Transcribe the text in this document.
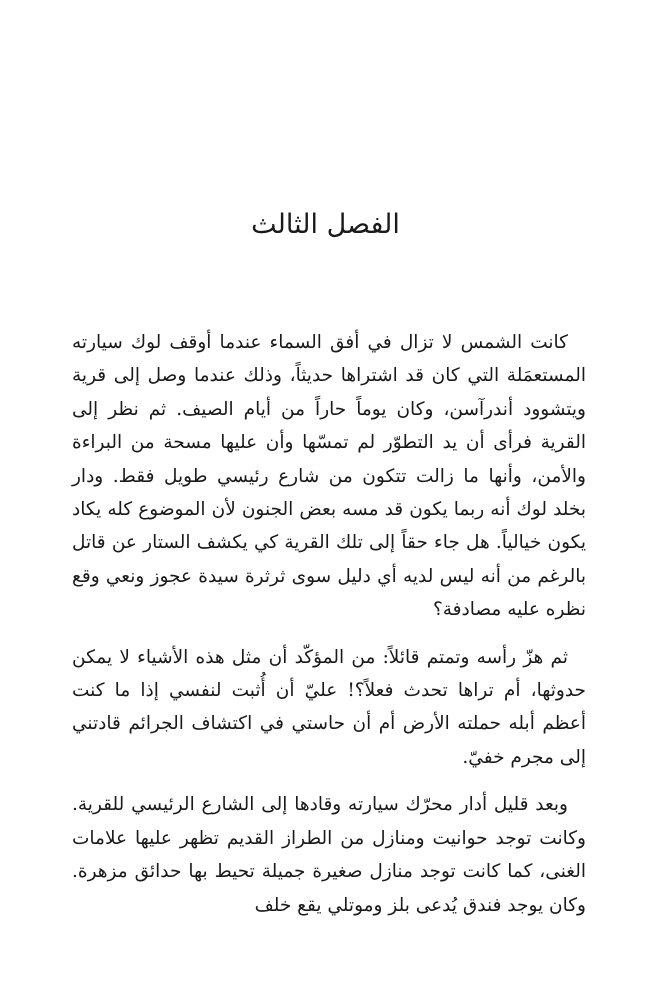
الفصل الثالث

كانت الشمس لا تزال في أفق السماء عندما أوقف لوك سيارته المستعمَلة التي كان قد اشتراها حديثاً، وذلك عندما وصل إلى قرية ويتشوود أندرآسن، وكان يوماً حاراً من أيام الصيف. ثم نظر إلى القرية فرأى أن يد التطوّر لم تمسّها وأن عليها مسحة من البراءة والأمن، وأنها ما زالت تتكون من شارع رئيسي طويل فقط. ودار بخلد لوك أنه ربما يكون قد مسه بعض الجنون لأن الموضوع كله يكاد يكون خيالياً. هل جاء حقاً إلى تلك القرية كي يكشف الستار عن قاتل بالرغم من أنه ليس لديه أي دليل سوى ثرثرة سيدة عجوز ونعي وقع نظره عليه مصادفة؟

ثم هزّ رأسه وتمتم قائلاً: من المؤكّد أن مثل هذه الأشياء لا يمكن حدوثها، أم تراها تحدث فعلاً؟! عليّ أن أُثبت لنفسي إذا ما كنت أعظم أبله حملته الأرض أم أن حاستي في اكتشاف الجرائم قادتني إلى مجرم خفيّ.

وبعد قليل أدار محرّك سيارته وقادها إلى الشارع الرئيسي للقرية. وكانت توجد حوانيت ومنازل من الطراز القديم تظهر عليها علامات الغنى، كما كانت توجد منازل صغيرة جميلة تحيط بها حدائق مزهرة. وكان يوجد فندق يُدعى بلز وموتلي يقع خلف
